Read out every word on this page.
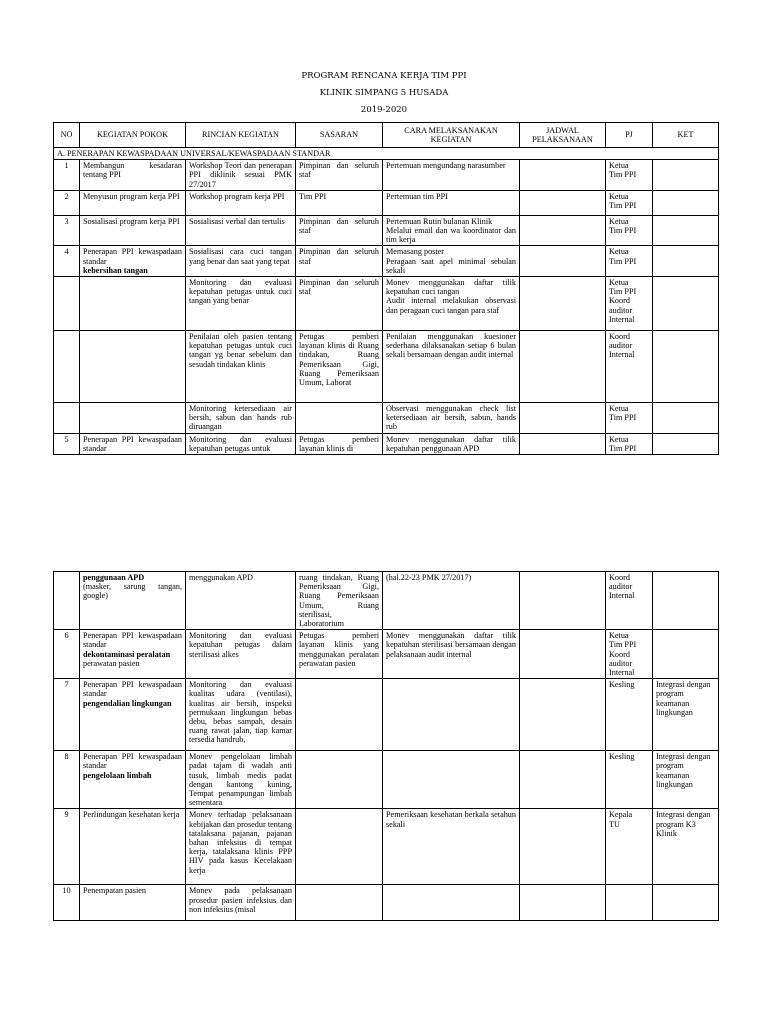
PROGRAM RENCANA KERJA TIM PPI
KLINIK SIMPANG 5 HUSADA
2019-2020
NO	KEGIATAN POKOK	RINCIAN KEGIATAN	SASARAN	CARA MELAKSANAKAN KEGIATAN	JADWAL PELAKSANAAN	PJ	KET
A. PENERAPAN KEWASPADAAN UNIVERSAL/KEWASPADAAN STANDAR							
1	Membangun kesadaran tentang PPI	Workshop Teori dan penerapan PPI diklinik sesuai PMK 27/2017	Pimpinan dan seluruh staf	Pertemuan mengundang narasumber		Ketua
Tim PPI	

2	Menyusun program kerja PPI	Workshop program kerja PPI	Tim PPI	Pertemuan tim PPI		Ketua
Tim PPI	

3	Sosialisasi program kerja PPI	Sosialisasi verbal dan tertulis	Pimpinan dan seluruh staf	Pertemuan Rutin bulanan Klinik
Melalui email dan wa koordinator dan tim kerja		Ketua
Tim PPI	

4	Penerapan PPI kewaspadaan standar
kebersihan tangan	Sosialisasi cara cuci tangan yang benar dan saat yang tepat	Pimpinan dan seluruh staf	Memasang poster
Peragaan saat apel minimal sebulan sekali		Ketua
Tim PPI	

		Monitoring dan evaluasi kepatuhan petugas untuk cuci tangan yang benar	Pimpinan dan seluruh staf	Monev menggunakan daftar tilik kepatuhan cuci tangan
Audit internal melakukan observasi dan peragaan cuci tangan para staf		Ketua
Tim PPI
Koord
auditor
Internal	

		Penilaian oleh pasien tentang kepatuhan petugas untuk cuci tangan yg benar sebelum dan sesudah tindakan klinis	Petugas pemberi layanan klinis di Ruang tindakan, Ruang Pemeriksaan Gigi, Ruang Pemeriksaan Umum, Laborat	Penilaian menggunakan kuesioner sederhana dilaksanakan setiap 6 bulan sekali bersamaan dengan audit internal		Koord
auditor
Internal	

		Monitoring ketersediaan air bersih, sabun dan hands rub diruangan		Observasi menggunakan check list ketersediaan air bersih, sabun, hands rub		Ketua
Tim PPI	

5	Penerapan PPI kewaspadaan standar	Monitoring dan evaluasi kepatuhan petugas untuk	Petugas pemberi layanan klinis di	Monev menggunakan daftar tilik kepatuhan penggunaan APD		Ketua
Tim PPI	

	penggunaan APD
(masker, sarung tangan, google)	menggunakan APD	ruang tindakan, Ruang Pemeriksaan Gigi, Ruang Pemeriksaan Umum, Ruang sterilisasi, Laboratorium	(hal.22-23 PMK 27/2017)		Koord
auditor
Internal	

6	Penerapan PPI kewaspadaan standar
dekontaminasi peralatan
perawatan pasien	Monitoring dan evaluasi kepatuhan petugas dalam sterilisasi alkes	Petugas pemberi layanan klinis yang menggunakan peralatan perawatan pasien	Monev menggunakan daftar tilik kepatuhan sterilisasi bersamaan dengan pelaksanaan audit internal		Ketua
Tim PPI
Koord
auditor
Internal	

7	Penerapan PPI kewaspadaan standar
pengendalian lingkungan	Monitoring dan evaluasi kualitas udara (ventilasi), kualitas air bersih, inspeksi permukaan lingkungan bebas debu, bebas sampah, desain ruang rawat jalan, tiap kamar tersedia handrub,				Kesling	Integrasi dengan program keamanan lingkungan
8	Penerapan PPI kewaspadaan standar
pengelolaan limbah	Monev pengelolaan limbah padat tajam di wadah anti tusuk, limbah medis padat dengan kantong kuning, Tempat penampungan limbah sementara				Kesling	Integrasi dengan program keamanan lingkungan
9	Perlindungan kesehatan kerja	Monev terhadap pelaksanaan kebijakan dan prosedur tentang tatalaksana pajanan, pajanan bahan infeksius di tempat kerja, tatalaksana klinis PPP HIV pada kasus Kecelakaan kerja		Pemeriksaan kesehatan berkala setahun sekali		Kepala
TU	Integrasi dengan program K3 Klinik
10	Penempatan pasien	Monev pada pelaksanaan prosedur pasien infeksius dan non infeksius (misal					
